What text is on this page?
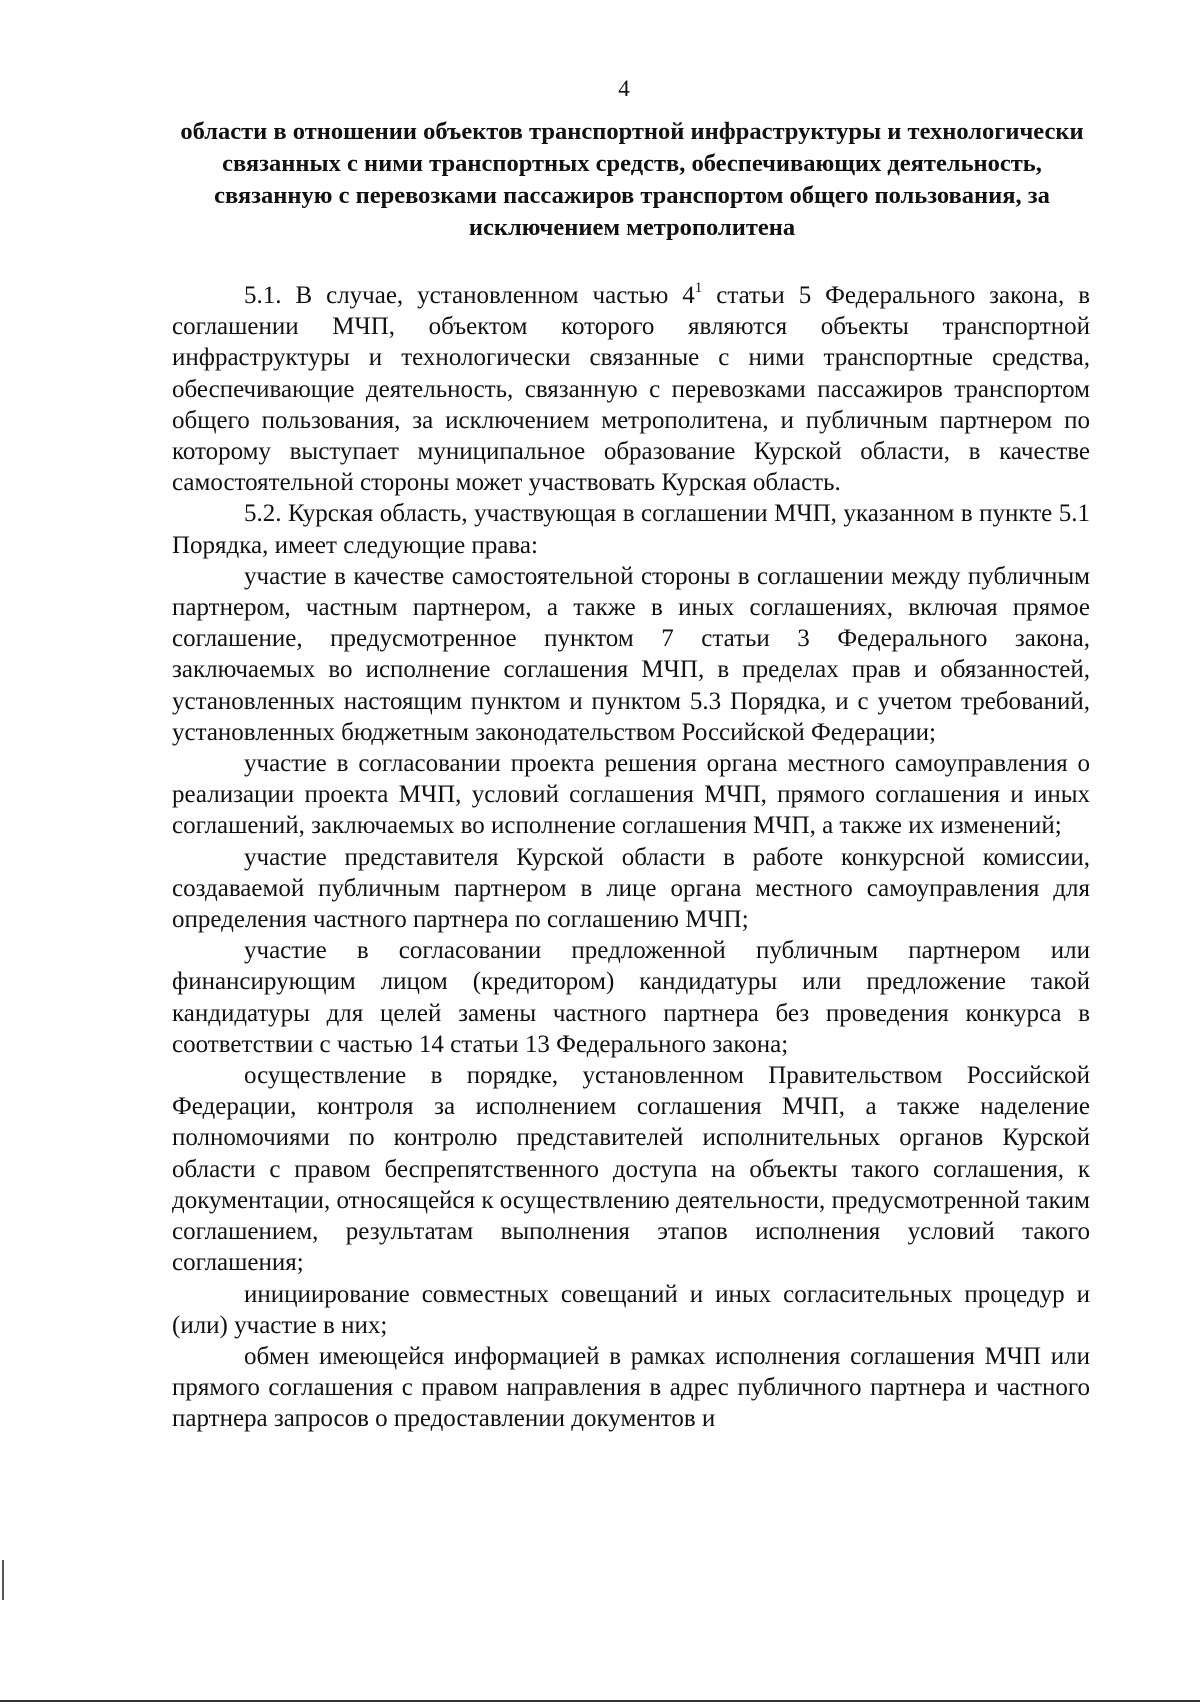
4
области в отношении объектов транспортной инфраструктуры и технологически связанных с ними транспортных средств, обеспечивающих деятельность, связанную с перевозками пассажиров транспортом общего пользования, за исключением метрополитена

5.1. В случае, установленном частью $4^1$ статьи 5 Федерального закона, в соглашении МЧП, объектом которого являются объекты транспортной инфраструктуры и технологически связанные с ними транспортные средства, обеспечивающие деятельность, связанную с перевозками пассажиров транспортом общего пользования, за исключением метрополитена, и публичным партнером по которому выступает муниципальное образование Курской области, в качестве самостоятельной стороны может участвовать Курская область.

5.2. Курская область, участвующая в соглашении МЧП, указанном в пункте 5.1 Порядка, имеет следующие права:

участие в качестве самостоятельной стороны в соглашении между публичным партнером, частным партнером, а также в иных соглашениях, включая прямое соглашение, предусмотренное пунктом 7 статьи 3 Федерального закона, заключаемых во исполнение соглашения МЧП, в пределах прав и обязанностей, установленных настоящим пунктом и пунктом 5.3 Порядка, и с учетом требований, установленных бюджетным законодательством Российской Федерации;

участие в согласовании проекта решения органа местного самоуправления о реализации проекта МЧП, условий соглашения МЧП, прямого соглашения и иных соглашений, заключаемых во исполнение соглашения МЧП, а также их изменений;

участие представителя Курской области в работе конкурсной комиссии, создаваемой публичным партнером в лице органа местного самоуправления для определения частного партнера по соглашению МЧП;

участие в согласовании предложенной публичным партнером или финансирующим лицом (кредитором) кандидатуры или предложение такой кандидатуры для целей замены частного партнера без проведения конкурса в соответствии с частью 14 статьи 13 Федерального закона;

осуществление в порядке, установленном Правительством Российской Федерации, контроля за исполнением соглашения МЧП, а также наделение полномочиями по контролю представителей исполнительных органов Курской области с правом беспрепятственного доступа на объекты такого соглашения, к документации, относящейся к осуществлению деятельности, предусмотренной таким соглашением, результатам выполнения этапов исполнения условий такого соглашения;

инициирование совместных совещаний и иных согласительных процедур и (или) участие в них;

обмен имеющейся информацией в рамках исполнения соглашения МЧП или прямого соглашения с правом направления в адрес публичного партнера и частного партнера запросов о предоставлении документов и
